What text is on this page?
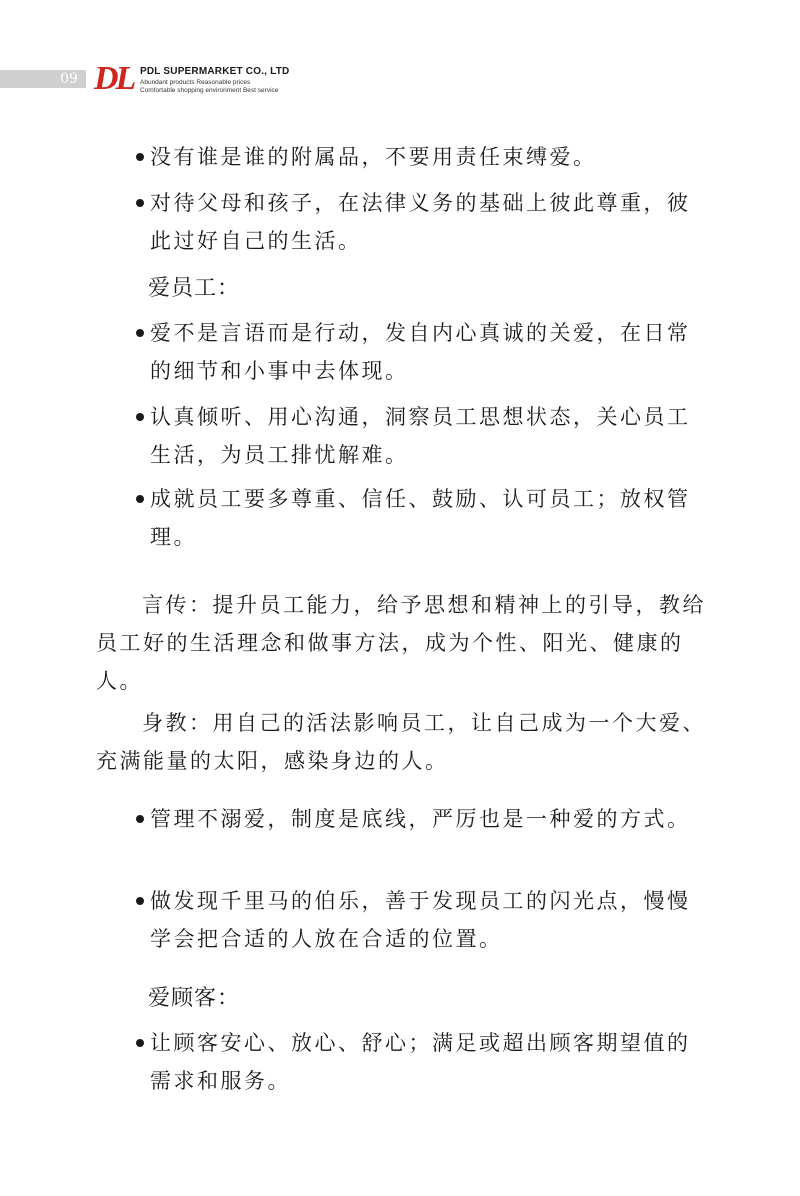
09 DL PDL SUPERMARKET CO., LTD
Abundant products Reasonable prices
Comfortable shopping environment Best service
没有谁是谁的附属品，不要用责任束缚爱。
对待父母和孩子，在法律义务的基础上彼此尊重，彼此过好自己的生活。
爱员工：
爱不是言语而是行动，发自内心真诚的关爱，在日常的细节和小事中去体现。
认真倾听、用心沟通，洞察员工思想状态，关心员工生活，为员工排忧解难。
成就员工要多尊重、信任、鼓励、认可员工；放权管理。
言传：提升员工能力，给予思想和精神上的引导，教给员工好的生活理念和做事方法，成为个性、阳光、健康的人。
身教：用自己的活法影响员工，让自己成为一个大爱、充满能量的太阳，感染身边的人。
管理不溺爱，制度是底线，严厉也是一种爱的方式。
做发现千里马的伯乐，善于发现员工的闪光点，慢慢学会把合适的人放在合适的位置。
爱顾客：
让顾客安心、放心、舒心；满足或超出顾客期望值的需求和服务。
